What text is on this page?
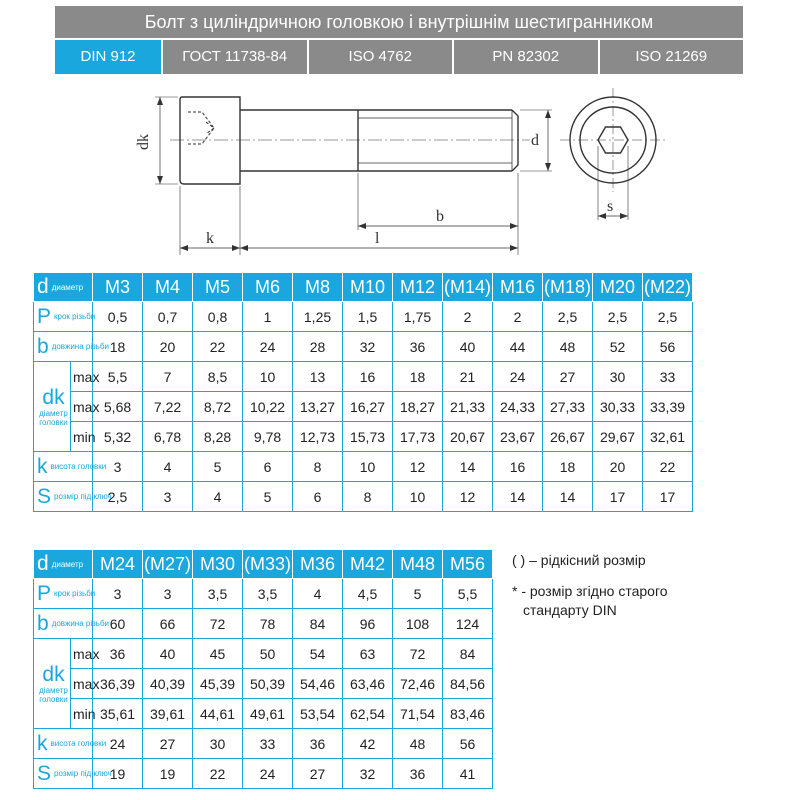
Болт з циліндричною головкою і внутрішнім шестигранником
DIN 912	ГОСТ 11738-84	ISO 4762	PN 82302	ISO 21269
dk
k	l
b
d
s
d диаметр		M3	M4	M5	M6	M8	M10	M12	(M14)	M16	(M18)	M20	(M22)
P крок різьби		0,5	0,7	0,8	1	1,25	1,5	1,75	2	2	2,5	2,5	2,5
b довжина різьби		18	20	22	24	28	32	36	40	44	48	52	56

dk
діаметр головки	max	5,5	7	8,5	10	13	16	18	21	24	27	30	33
	max	5,68	7,22	8,72	10,22	13,27	16,27	18,27	21,33	24,33	27,33	30,33	33,39
	min	5,32	6,78	8,28	9,78	12,73	15,73	17,73	20,67	23,67	26,67	29,67	32,61
k висота головки		3	4	5	6	8	10	12	14	16	18	20	22
S розмір під ключ		2,5	3	4	5	6	8	10	12	14	14	17	17
d диаметр		M24	(M27)	M30	(M33)	M36	M42	M48	M56
P крок різьби		3	3	3,5	3,5	4	4,5	5	5,5
b довжина різьби		60	66	72	78	84	96	108	124

dk
діаметр головки	max	36	40	45	50	54	63	72	84
	max	36,39	40,39	45,39	50,39	54,46	63,46	72,46	84,56
	min	35,61	39,61	44,61	49,61	53,54	62,54	71,54	83,46
k висота головки		24	27	30	33	36	42	48	56
S розмір під ключ		19	19	22	24	27	32	36	41
( ) – рідкісний розмір
* - розмір згідно старого
стандарту DIN
